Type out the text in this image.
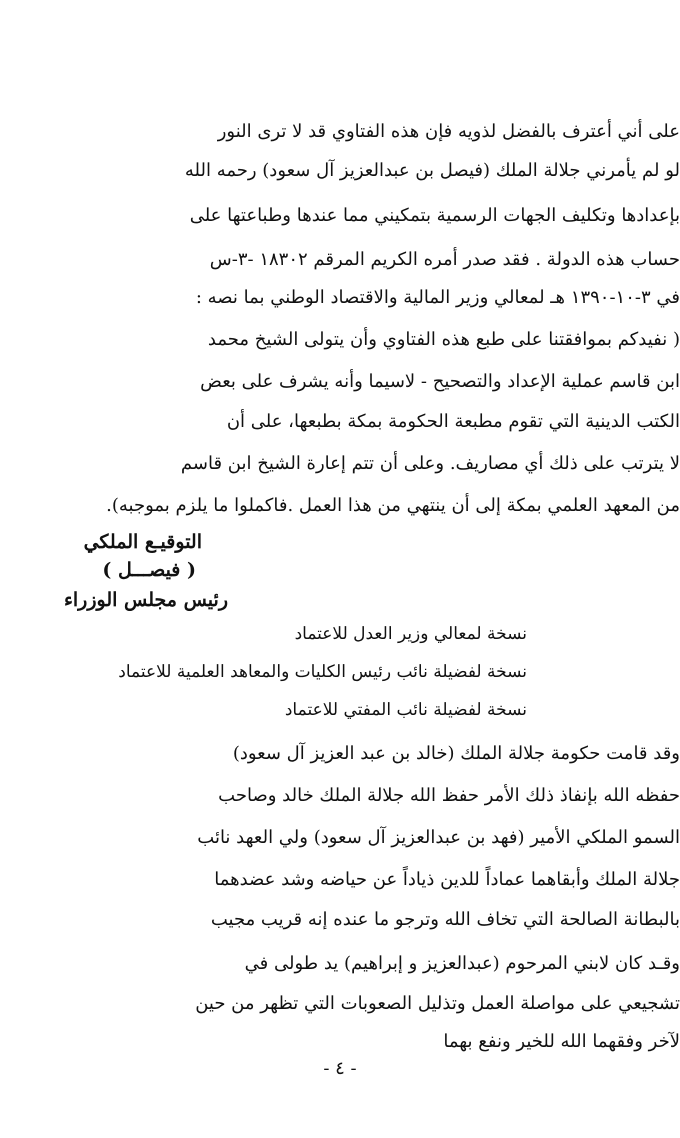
على أني أعترف بالفضل لذويه فإن هذه الفتاوي قد لا ترى النور
لو لم يأمرني جلالة الملك (فيصل بن عبدالعزيز آل سعود) رحمه الله
بإعدادها وتكليف الجهات الرسمية بتمكيني مما عندها وطباعتها على
حساب هذه الدولة . فقد صدر أمره الكريم المرقم ١٨٣٠٢ -٣-س
في ٣-١٠-١٣٩٠ هـ لمعالي وزير المالية والاقتصاد الوطني بما نصه :
( نفيدكم بموافقتنا على طبع هذه الفتاوي وأن يتولى الشيخ محمد
ابن قاسم عملية الإعداد والتصحيح - لاسيما وأنه يشرف على بعض
الكتب الدينية التي تقوم مطبعة الحكومة بمكة بطبعها، على أن
لا يترتب على ذلك أي مصاريف. وعلى أن تتم إعارة الشيخ ابن قاسم
من المعهد العلمي بمكة إلى أن ينتهي من هذا العمل .فاكملوا ما يلزم بموجبه).
التوقيـع الملكي
( فيصـــل )
رئيس مجلس الوزراء
نسخة لمعالي وزير العدل للاعتماد
نسخة لفضيلة نائب رئيس الكليات والمعاهد العلمية للاعتماد
نسخة لفضيلة نائب المفتي للاعتماد
وقد قامت حكومة جلالة الملك (خالد بن عبد العزيز آل سعود)
حفظه الله بإنفاذ ذلك الأمر حفظ الله جلالة الملك خالد وصاحب
السمو الملكي الأمير (فهد بن عبدالعزيز آل سعود) ولي العهد نائب
جلالة الملك وأبقاهما عماداً للدين ذياداً عن حياضه وشد عضدهما
بالبطانة الصالحة التي تخاف الله وترجو ما عنده إنه قريب مجيب
وقـد كان لابني المرحوم (عبدالعزيز و إبراهيم) يد طولى في
تشجيعي على مواصلة العمل وتذليل الصعوبات التي تظهر من حين
لآخر وفقهما الله للخير ونفع بهما
- ٤ -
